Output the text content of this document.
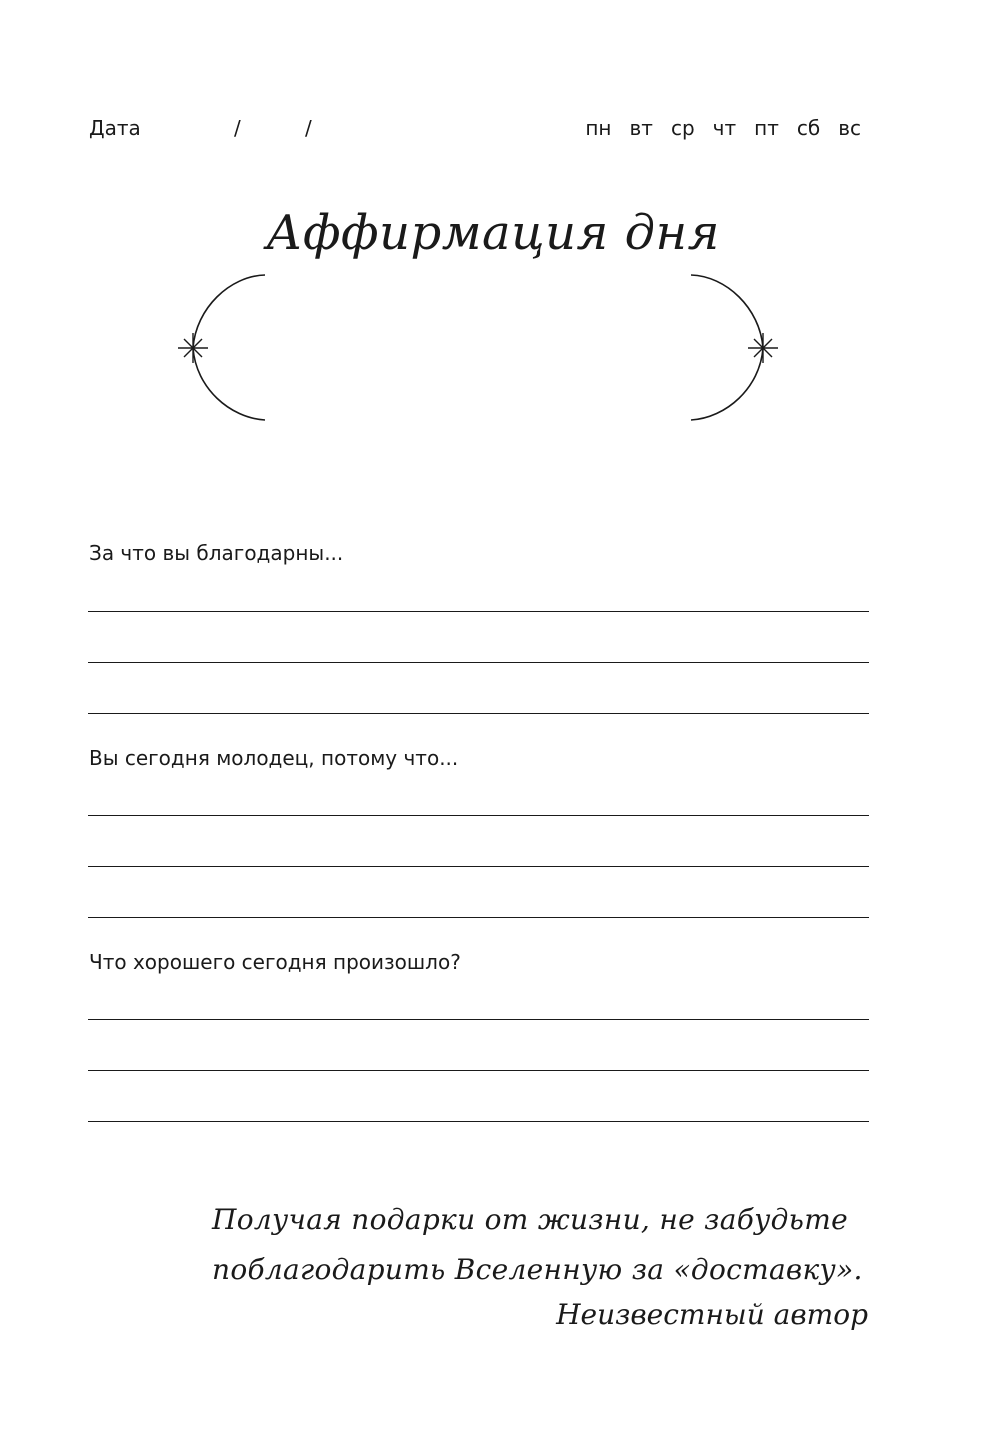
Дата	/	/	пн вт ср чт пт сб вс
Аффирмация дня
За что вы благодарны...
Вы сегодня молодец, потому что...
Что хорошего сегодня произошло?
Получая подарки от жизни, не забудьте
поблагодарить Вселенную за «доставку».
Неизвестный автор
